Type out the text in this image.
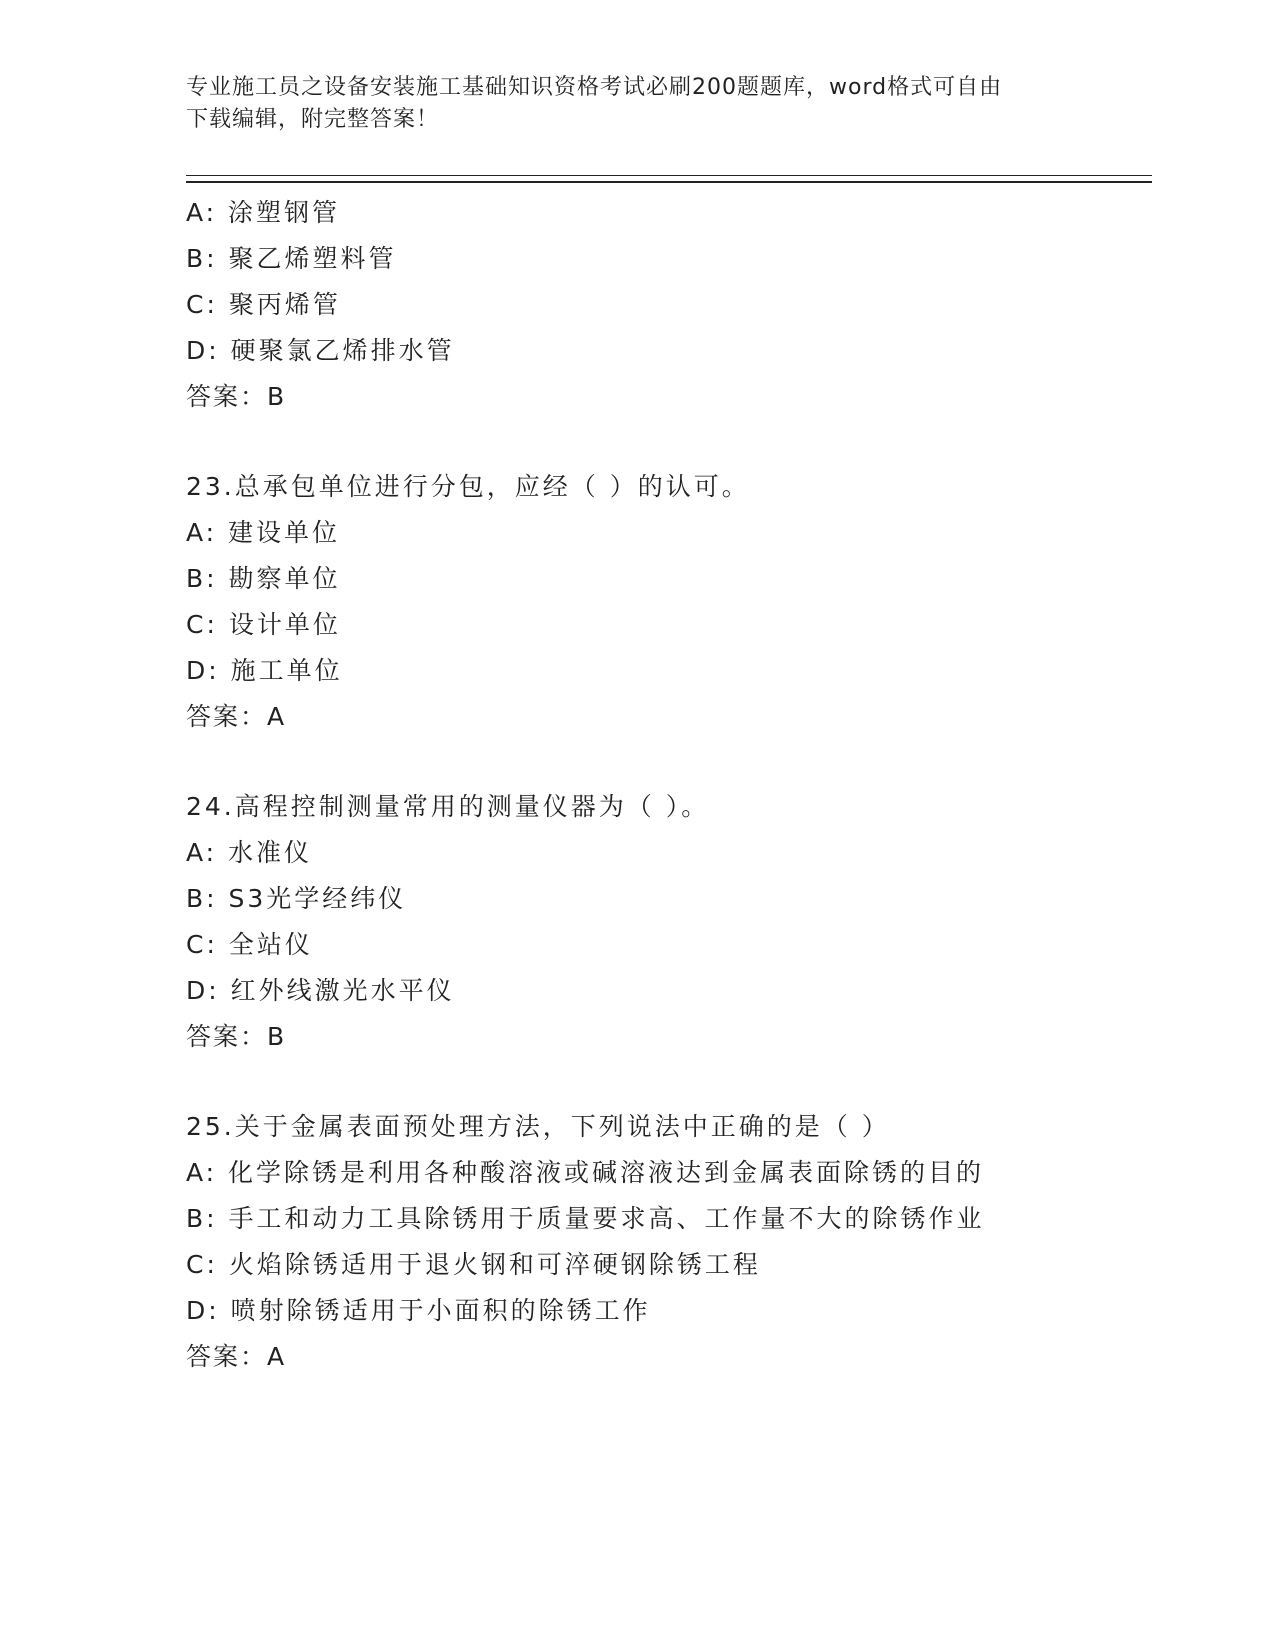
专业施工员之设备安装施工基础知识资格考试必刷200题题库，word格式可自由
下载编辑，附完整答案！
A: 涂塑钢管
B: 聚乙烯塑料管
C: 聚丙烯管
D: 硬聚氯乙烯排水管
答案：B
23.总承包单位进行分包，应经（ ）的认可。
A: 建设单位
B: 勘察单位
C: 设计单位
D: 施工单位
答案：A
24.高程控制测量常用的测量仪器为（ ）。
A: 水准仪
B: S3光学经纬仪
C: 全站仪
D: 红外线激光水平仪
答案：B
25.关于金属表面预处理方法，下列说法中正确的是（ ）
A: 化学除锈是利用各种酸溶液或碱溶液达到金属表面除锈的目的
B: 手工和动力工具除锈用于质量要求高、工作量不大的除锈作业
C: 火焰除锈适用于退火钢和可淬硬钢除锈工程
D: 喷射除锈适用于小面积的除锈工作
答案：A
